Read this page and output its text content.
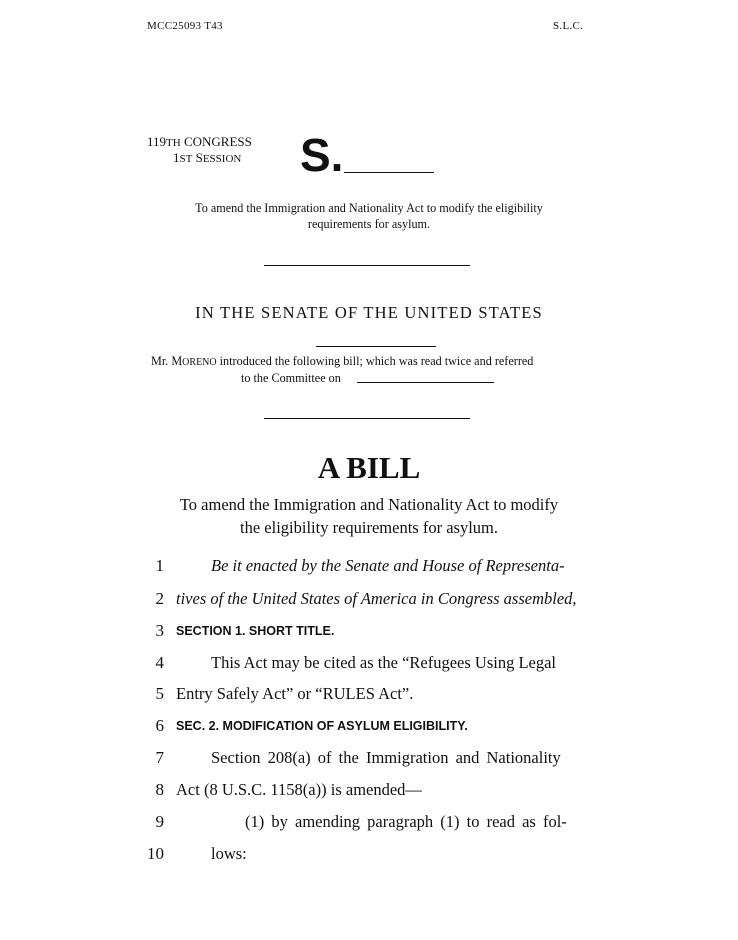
MCC25093 T43	S.L.C.
119TH CONGRESS
1ST SESSION S.
To amend the Immigration and Nationality Act to modify the eligibility
requirements for asylum.
IN THE SENATE OF THE UNITED STATES
Mr. MORENO introduced the following bill; which was read twice and referred
to the Committee on
A BILL
To amend the Immigration and Nationality Act to modify
the eligibility requirements for asylum.
1	Be it enacted by the Senate and House of Representa-
2 tives of the United States of America in Congress assembled,
3 SECTION 1. SHORT TITLE.
4	This Act may be cited as the “Refugees Using Legal
5 Entry Safely Act” or “RULES Act”.
6 SEC. 2. MODIFICATION OF ASYLUM ELIGIBILITY.
7	Section 208(a) of the Immigration and Nationality
8 Act (8 U.S.C. 1158(a)) is amended—
9	(1) by amending paragraph (1) to read as fol-
10	lows:
